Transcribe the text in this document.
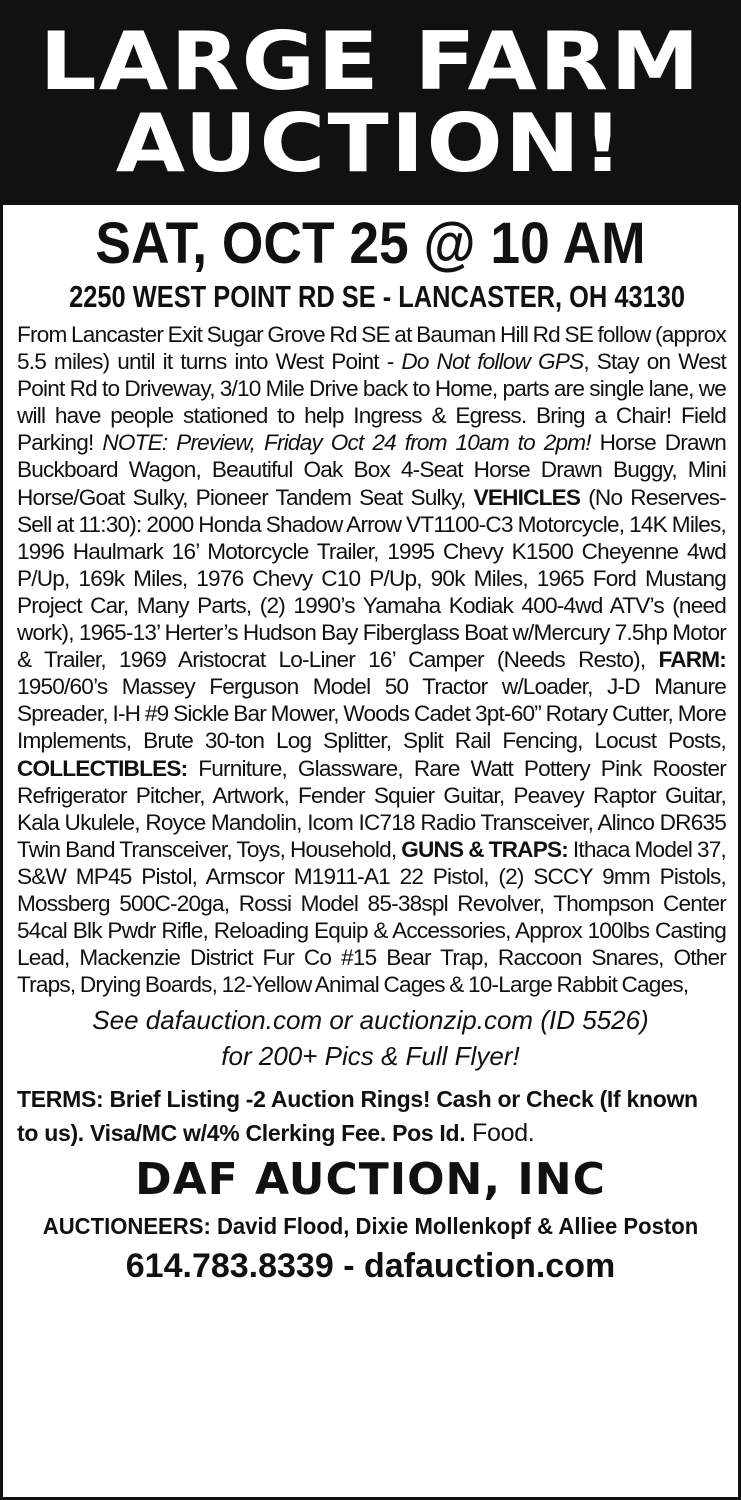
LARGE FARM
AUCTION!
SAT, OCT 25 @ 10 AM
2250 WEST POINT RD SE - LANCASTER, OH 43130
From Lancaster Exit Sugar Grove Rd SE at Bauman Hill Rd SE follow (approx 5.5 miles) until it turns into West Point - Do Not follow GPS, Stay on West Point Rd to Driveway, 3/10 Mile Drive back to Home, parts are single lane, we will have people stationed to help Ingress & Egress. Bring a Chair! Field Parking! NOTE: Preview, Friday Oct 24 from 10am to 2pm! Horse Drawn Buckboard Wagon, Beautiful Oak Box 4-Seat Horse Drawn Buggy, Mini Horse/Goat Sulky, Pioneer Tandem Seat Sulky, VEHICLES (No Reserves-Sell at 11:30): 2000 Honda Shadow Arrow VT1100-C3 Motorcycle, 14K Miles, 1996 Haulmark 16’ Motorcycle Trailer, 1995 Chevy K1500 Cheyenne 4wd P/Up, 169k Miles, 1976 Chevy C10 P/Up, 90k Miles, 1965 Ford Mustang Project Car, Many Parts, (2) 1990’s Yamaha Kodiak 400-4wd ATV’s (need work), 1965-13’ Herter’s Hudson Bay Fiberglass Boat w/Mercury 7.5hp Motor & Trailer, 1969 Aristocrat Lo-Liner 16’ Camper (Needs Resto), FARM: 1950/60’s Massey Ferguson Model 50 Tractor w/Loader, J-D Manure Spreader, I-H #9 Sickle Bar Mower, Woods Cadet 3pt-60” Rotary Cutter, More Implements, Brute 30-ton Log Splitter, Split Rail Fencing, Locust Posts, COLLECTIBLES: Furniture, Glassware, Rare Watt Pottery Pink Rooster Refrigerator Pitcher, Artwork, Fender Squier Guitar, Peavey Raptor Guitar, Kala Ukulele, Royce Mandolin, Icom IC718 Radio Transceiver, Alinco DR635 Twin Band Transceiver, Toys, Household, GUNS & TRAPS: Ithaca Model 37, S&W MP45 Pistol, Armscor M1911-A1 22 Pistol, (2) SCCY 9mm Pistols, Mossberg 500C-20ga, Rossi Model 85-38spl Revolver, Thompson Center 54cal Blk Pwdr Rifle, Reloading Equip & Accessories, Approx 100lbs Casting Lead, Mackenzie District Fur Co #15 Bear Trap, Raccoon Snares, Other Traps, Drying Boards, 12-Yellow Animal Cages & 10-Large Rabbit Cages,
See dafauction.com or auctionzip.com (ID 5526)
for 200+ Pics & Full Flyer!
TERMS: Brief Listing -2 Auction Rings! Cash or Check (If known to us). Visa/MC w/4% Clerking Fee. Pos Id. Food.
DAF AUCTION, INC
AUCTIONEERS: David Flood, Dixie Mollenkopf & Alliee Poston
614.783.8339 - dafauction.com
